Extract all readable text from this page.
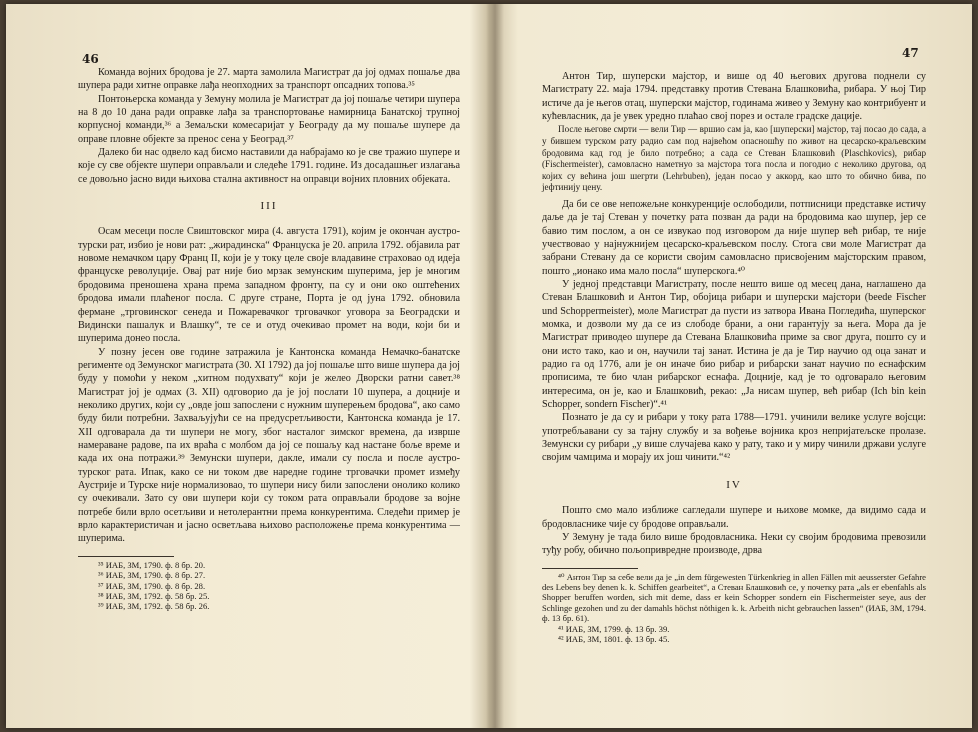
46

Команда војних бродова је 27. марта замолила Магистрат да јој одмах пошаље два шупера ради хитне оправке лађа неопходних за транспорт опсадних топова.³⁵

Понтоњерска команда у Земуну молила је Магистрат да јој пошаље четири шупера на 8 до 10 дана ради оправке лађа за транспортовање намирница Банатској трупној корпусној команди,³⁶ а Земаљски комесаријат у Београду да му пошаље шупере да оправе пловне објекте за пренос сена у Београд.³⁷

Далеко би нас одвело кад бисмо наставили да набрајамо ко је све тражио шупере и које су све објекте шупери оправљали и следеће 1791. године. Из досадашњег излагања се довољно јасно види њихова стална активност на оправци војних пловних објеката.

III

Осам месеци после Свиштовског мира (4. августа 1791), којим је окончан аустро-турски рат, избио је нови рат: „жирадинска“ Француска је 20. априла 1792. објавила рат новоме немачком цару Франц II, који је у току целе своје владавине страховао од идеја француске револуције. Овај рат није био мрзак земунским шуперима, јер је многим бродовима преношена храна према западном фронту, па су и они око оштећених бродова имали плаћеног посла. С друге стране, Порта је од јуна 1792. обновила фермане „трговинског сенеда и Пожаревачког трговачког уговора за Београдски и Видински пашалук и Влашку“, те се и отуд очекивао промет на води, који би и шуперима донео посла.

У позну јесен ове године затражила је Кантонска команда Немачко-банатске регименте од Земунског магистрата (30. XI 1792) да јој пошаље што више шупера да јој буду у помоћи у неком „хитном подухвату“ који је желео Дворски ратни савет.³⁸ Магистрат јој је одмах (3. XII) одговорио да је јој послати 10 шупера, а доцније и неколико других, који су „овде још запослени с нужним шуперењем бродова“, ако само буду били потребни. Захваљујући се на предусретљивости, Кантонска команда је 17. XII одговарала да ти шупери не могу, због насталог зимског времена, да изврше намераване радове, па их враћа с молбом да јој се пошаљу кад настане боље време и када их она потражи.³⁹ Земунски шупери, дакле, имали су посла и после аустро-турског рата. Ипак, како се ни током две наредне године трговачки промет између Аустрије и Турске није нормализовао, то шупери нису били запослени онолико колико су очекивали. Зато су ови шупери који су током рата оправљали бродове за војне потребе били врло осетљиви и нетолерантни према конкурентима. Следећи пример је врло карактеристичан и јасно осветљава њихово расположење према конкурентима — шуперима.

³⁵ ИАБ, ЗМ, 1790. ф. 8 бр. 20.
³⁶ ИАБ, ЗМ, 1790. ф. 8 бр. 27.
³⁷ ИАБ, ЗМ, 1790. ф. 8 бр. 28.
³⁸ ИАБ, ЗМ, 1792. ф. 58 бр. 25.
³⁹ ИАБ, ЗМ, 1792. ф. 58 бр. 26.
47

Антон Тир, шуперски мајстор, и више од 40 његових другова поднели су Магистрату 22. маја 1794. представку против Стевана Блашковића, рибара. У њој Тир истиче да је његов отац, шуперски мајстор, годинама живео у Земуну као контрибуент и кућевласник, да је увек уредно плаћао свој порез и остале градске дације.

После његове смрти — вели Тир — вршио сам ја, као [шуперски] мајстор, тај посао до сада, а у бившем турском рату радио сам под највећом опасношћу по живот на цесарско-краљевским бродовима кад год је било потребно; а сада се Стеван Блашковић (Plaschkovics), рибар (Fischermeister), самовласно наметнуо за мајстора тога посла и погодио с неколико другова, од којих су већина још шегрти (Lehrbuben), један посао у аккорд, као што то обично бива, по јефтинију цену.

Да би се ове непожељне конкуренције ослободили, потписници представке истичу даље да је тај Стеван у почетку рата позван да ради на бродовима као шупер, јер се бавио тим послом, а он се извукао под изговором да није шупер већ рибар, те није учествовао у најнужнијем цесарско-краљевском послу. Стога сви моле Магистрат да забрани Стевану да се користи својим самовласно присвојеним мајсторским правом, пошто „ионако има мало посла“ шуперскога.⁴⁰

У једној представци Магистрату, после нешто више од месец дана, наглашено да Стеван Блашковић и Антон Тир, обојица рибари и шуперски мајстори (beede Fischer und Schoppermeister), моле Магистрат да пусти из затвора Ивана Погледића, шуперског момка, и дозволи му да се из слободе брани, а они гарантују за њега. Мора да је Магистрат приводео шупере да Стевана Блашковића приме за свог друга, пошто су и они исто тако, као и он, научили тај занат. Истина је да је Тир научио од оца занат и радио га од 1776, али је он иначе био рибар и рибарски занат научио по еснафским прописима, те био члан рибарског еснафа. Доцније, кад је то одговарало његовим интересима, он је, као и Блашковић, рекао: „Ја нисам шупер, већ рибар (Ich bin kein Schopper, sondern Fischer)“.⁴¹

Познато је да су и рибари у току рата 1788—1791. учинили велике услуге војсци: употребљавани су за тајну службу и за вођење војника кроз непријатељске пролазе. Земунски су рибари „у више случајева како у рату, тако и у миру чинили држави услуге својим чамцима и морају их још чинити.“⁴²

IV

Пошто смо мало изближе сагледали шупере и њихове момке, да видимо сада и бродовласнике чије су бродове оправљали.

У Земуну је тада било више бродовласника. Неки су својим бродовима превозили туђу робу, обично пољопривредне производе, дрва

⁴⁰ Антон Тир за себе вели да је „in dem fürgewesten Türkenkrieg in allen Fällen mit aeusserster Gefahre des Lebens bey denen k. k. Schiffen gearbeitet“, а Стеван Блашковић се, у почетку рата „als er ebenfahls als Shopper beruffen worden, sich mit deme, dass er kein Schopper sondern ein Fischermeister seye, aus der Schlinge gezohen und zu der damahls höchst nöthigen k. k. Arbeith nicht gebrauchen lassen“ (ИАБ, ЗМ, 1794. ф. 13 бр. 61).
⁴¹ ИАБ, ЗМ, 1799. ф. 13 бр. 39.
⁴² ИАБ, ЗМ, 1801. ф. 13 бр. 45.
